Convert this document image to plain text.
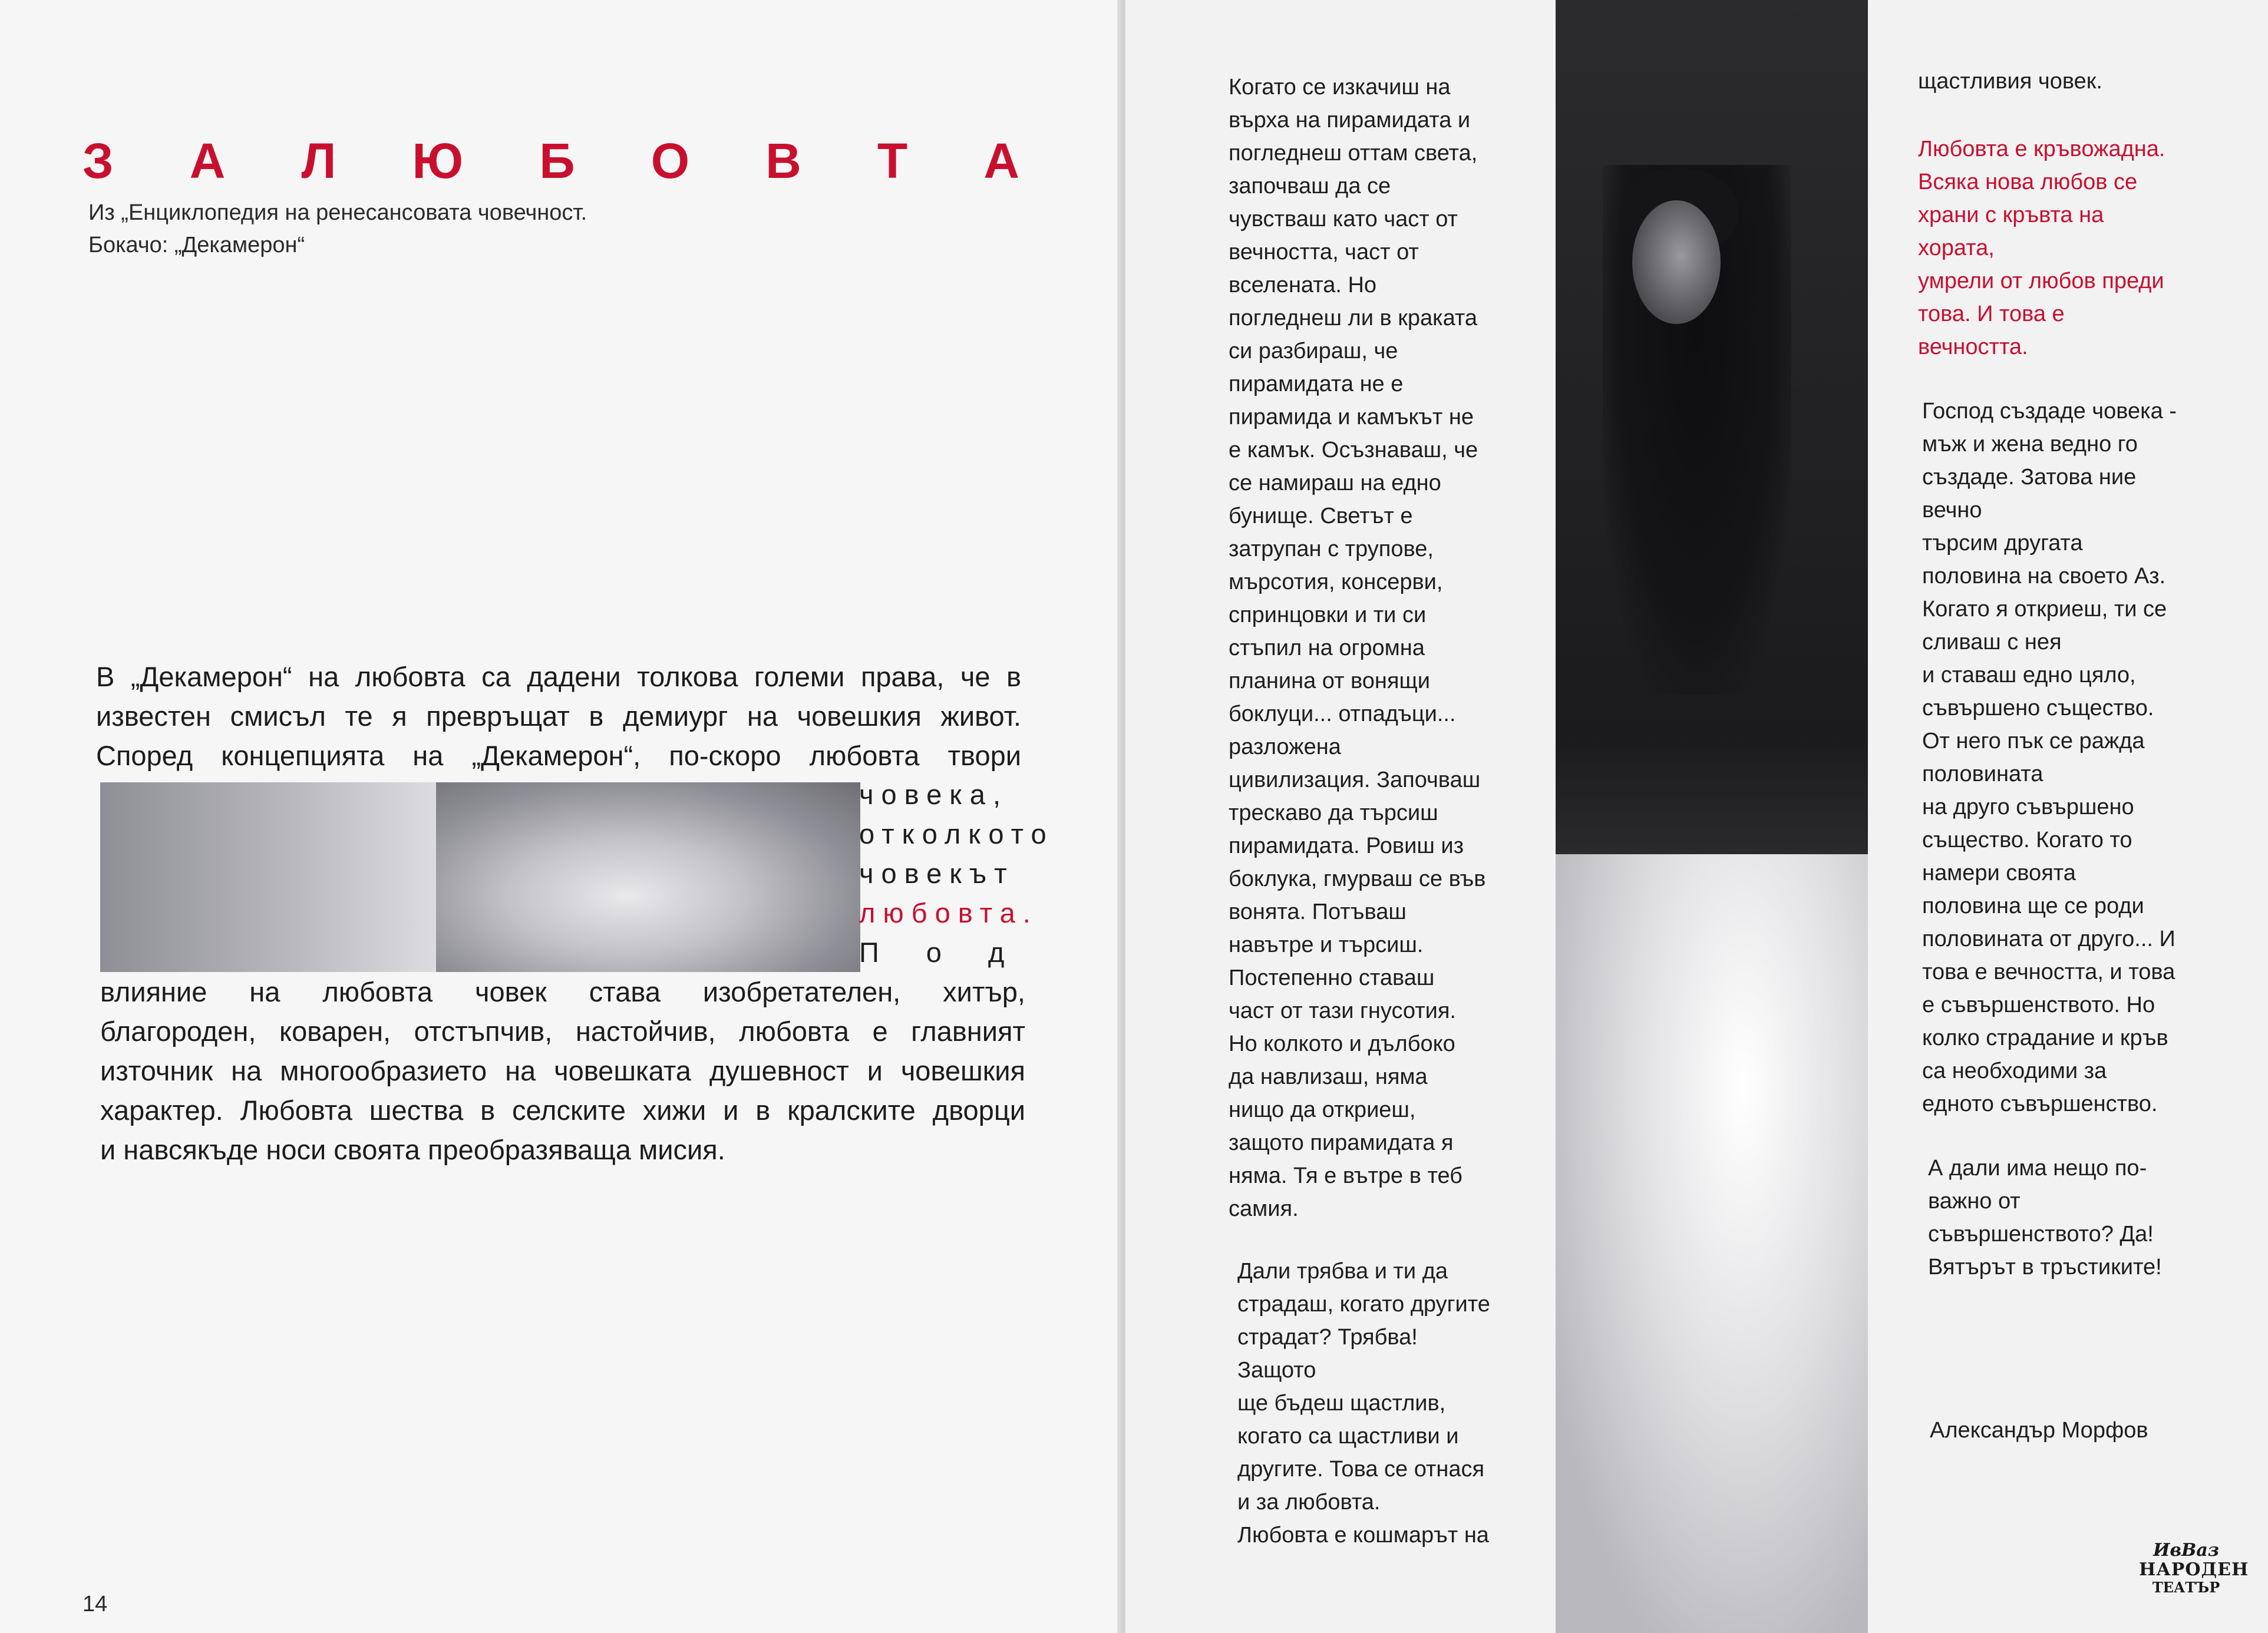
З А Л Ю Б О В Т А
Из „Енциклопедия на ренесансовата човечност.
Бокачо: „Декамерон“
В „Декамерон“ на любовта са дадени толкова големи права, че в
известен смисъл те я превръщат в демиург на човешкия живот.
Според концепцията на „Декамерон“, по-скоро любовта твори
човека,
отколкото
човекът
любовта.
Под
влияние на любовта човек става изобретателен, хитър,
благороден, коварен, отстъпчив, настойчив, любовта е главният
източник на многообразието на човешката душевност и човешкия
характер. Любовта шества в селските хижи и в кралските дворци
и навсякъде носи своята преобразяваща мисия.
14
Когато се изкачиш на
върха на пирамидата и
погледнеш оттам света,
започваш да се
чувстваш като част от
вечността, част от
вселената. Но
погледнеш ли в краката
си разбираш, че
пирамидата не е
пирамида и камъкът не
е камък. Осъзнаваш, че
се намираш на едно
бунище. Светът е
затрупан с трупове,
мърсотия, консерви,
спринцовки и ти си
стъпил на огромна
планина от вонящи
боклуци... отпадъци...
разложена
цивилизация. Започваш
трескаво да търсиш
пирамидата. Ровиш из
боклука, гмурваш се във
вонята. Потъваш
навътре и търсиш.
Постепенно ставаш
част от тази гнусотия.
Но колкото и дълбоко
да навлизаш, няма
нищо да откриеш,
защото пирамидата я
няма. Тя е вътре в теб
самия.
Дали трябва и ти да
страдаш, когато другите
страдат? Трябва!
Защото
ще бъдеш щастлив,
когато са щастливи и
другите. Това се отнася
и за любовта.
Любовта е кошмарът на
щастливия човек.
Любовта е кръвожадна.
Всяка нова любов се
храни с кръвта на
хората,
умрели от любов преди
това. И това е
вечността.
Господ създаде човека -
мъж и жена ведно го
създаде. Затова ние
вечно
търсим другата
половина на своето Аз.
Когато я откриеш, ти се
сливаш с нея
и ставаш едно цяло,
съвършено същество.
От него пък се ражда
половината
на друго съвършено
същество. Когато то
намери своята
половина ще се роди
половината от друго... И
това е вечността, и това
е съвършенството. Но
колко страдание и кръв
са необходими за
едното съвършенство.
А дали има нещо по-
важно от
съвършенството? Да!
Вятърът в тръстиките!
Александър Морфов
ИвВаз
НАРОДЕН
ТЕАТЪР
